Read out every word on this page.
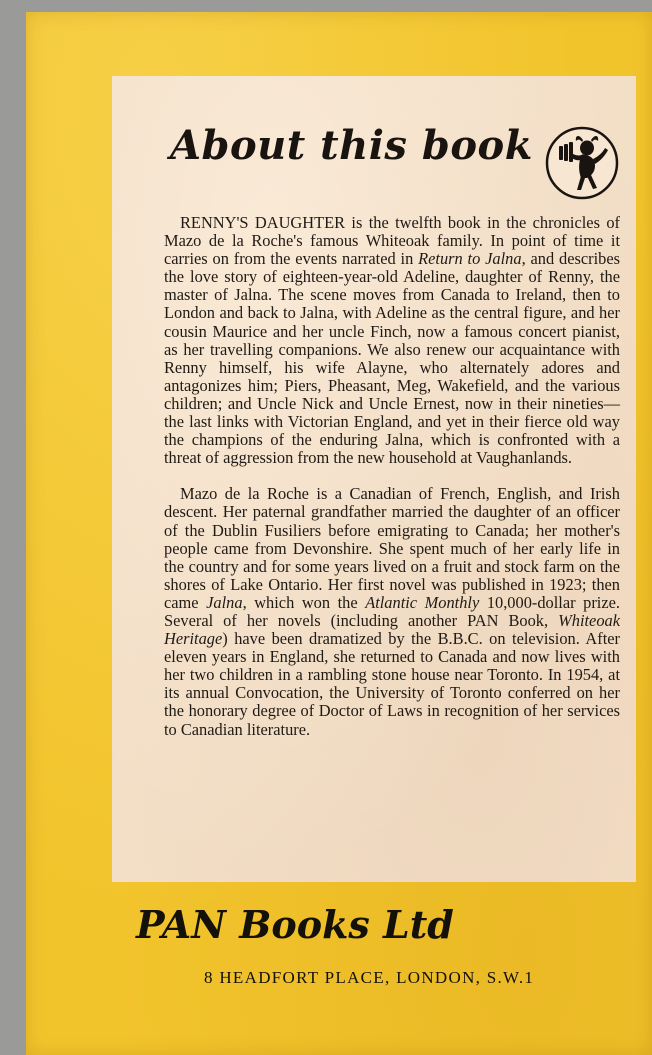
About this book

RENNY'S DAUGHTER is the twelfth book in the chronicles of Mazo de la Roche's famous Whiteoak family. In point of time it carries on from the events narrated in Return to Jalna, and describes the love story of eighteen-year-old Adeline, daughter of Renny, the master of Jalna. The scene moves from Canada to Ireland, then to London and back to Jalna, with Adeline as the central figure, and her cousin Maurice and her uncle Finch, now a famous concert pianist, as her travelling companions. We also renew our acquaintance with Renny himself, his wife Alayne, who alternately adores and antagonizes him; Piers, Pheasant, Meg, Wakefield, and the various children; and Uncle Nick and Uncle Ernest, now in their nineties—the last links with Victorian England, and yet in their fierce old way the champions of the enduring Jalna, which is confronted with a threat of aggression from the new household at Vaughanlands.

Mazo de la Roche is a Canadian of French, English, and Irish descent. Her paternal grandfather married the daughter of an officer of the Dublin Fusiliers before emigrating to Canada; her mother's people came from Devonshire. She spent much of her early life in the country and for some years lived on a fruit and stock farm on the shores of Lake Ontario. Her first novel was published in 1923; then came Jalna, which won the Atlantic Monthly 10,000-dollar prize. Several of her novels (including another PAN Book, Whiteoak Heritage) have been dramatized by the B.B.C. on television. After eleven years in England, she returned to Canada and now lives with her two children in a rambling stone house near Toronto. In 1954, at its annual Convocation, the University of Toronto conferred on her the honorary degree of Doctor of Laws in recognition of her services to Canadian literature.

PAN Books Ltd
8 HEADFORT PLACE, LONDON, S.W.1
